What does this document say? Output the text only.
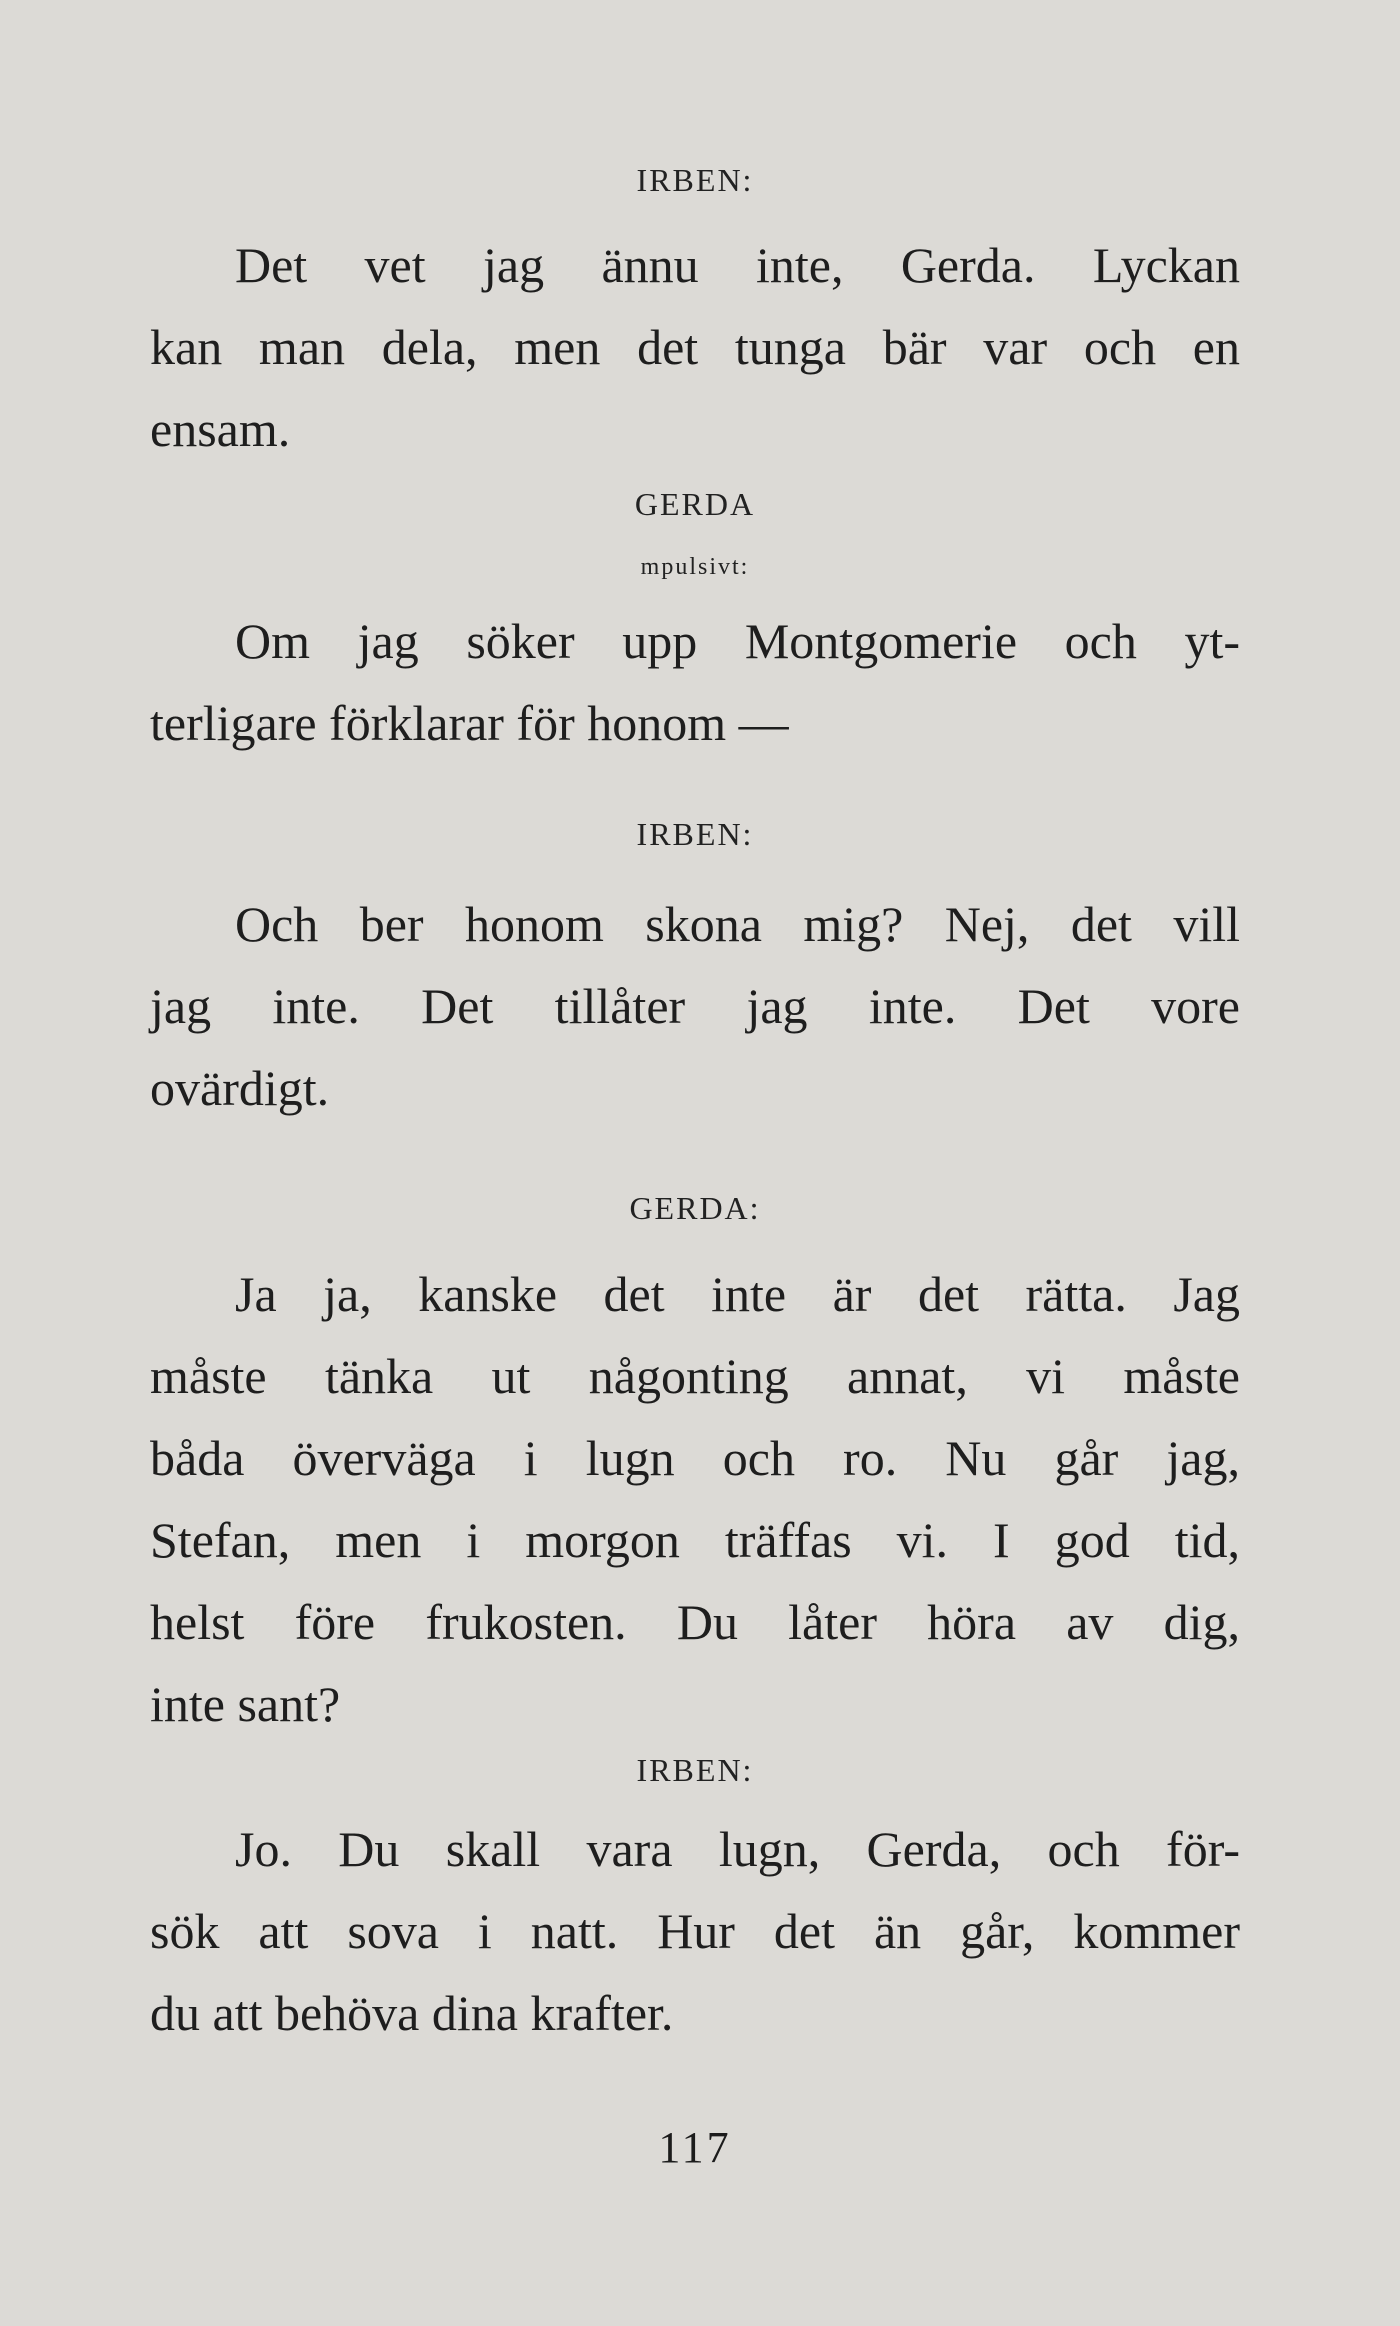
IRBEN:
Det vet jag ännu inte, Gerda. Lyckan
kan man dela, men det tunga bär var och en
ensam.
GERDA
mpulsivt:
Om jag söker upp Montgomerie och yt-
terligare förklarar för honom —
IRBEN:
Och ber honom skona mig? Nej, det vill
jag inte. Det tillåter jag inte. Det vore
ovärdigt.
GERDA:
Ja ja, kanske det inte är det rätta. Jag
måste tänka ut någonting annat, vi måste
båda överväga i lugn och ro. Nu går jag,
Stefan, men i morgon träffas vi. I god tid,
helst före frukosten. Du låter höra av dig,
inte sant?
IRBEN:
Jo. Du skall vara lugn, Gerda, och för-
sök att sova i natt. Hur det än går, kommer
du att behöva dina krafter.
117
